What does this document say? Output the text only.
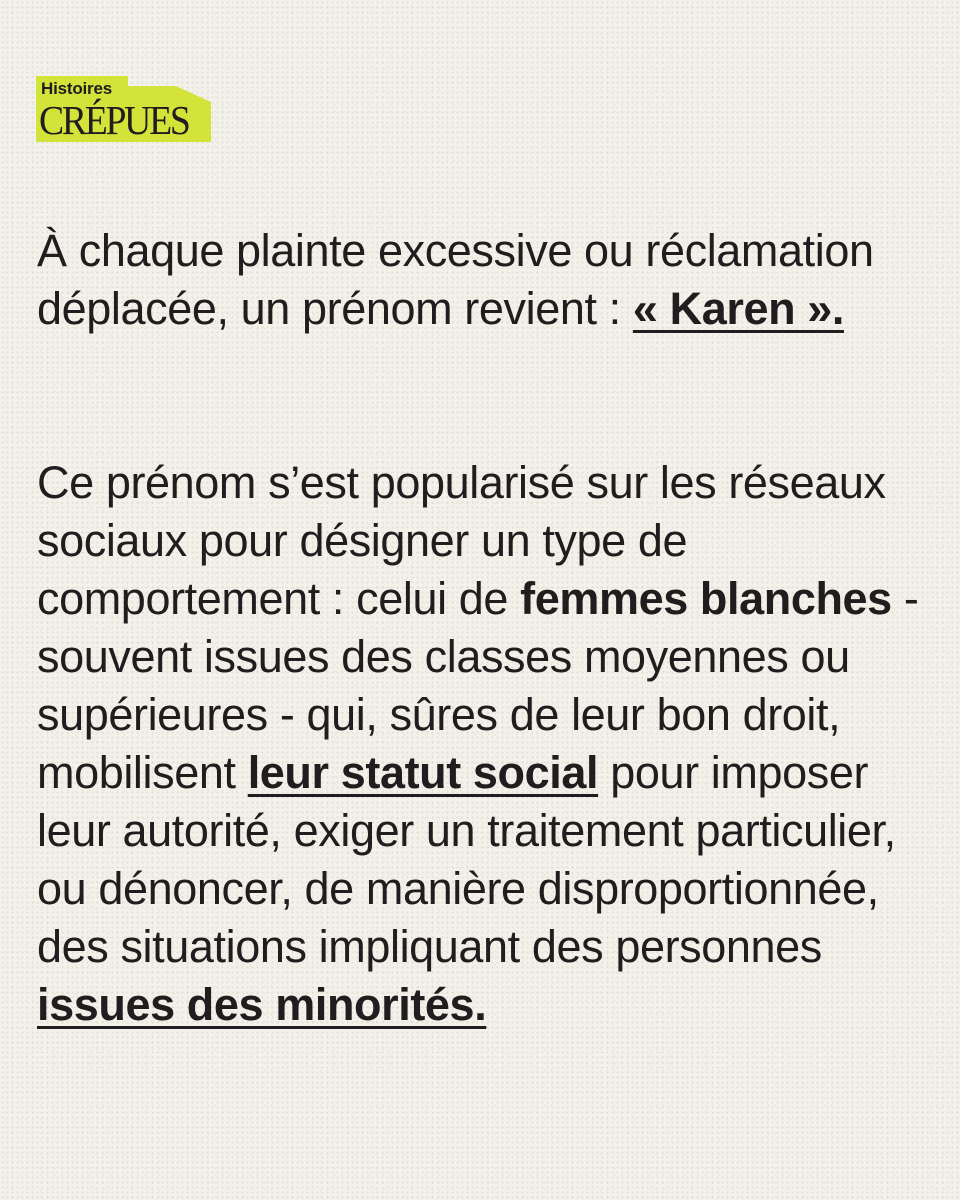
Histoires
CRÉPUES

À chaque plainte excessive ou réclamation déplacée, un prénom revient : « Karen ».

Ce prénom s’est popularisé sur les réseaux sociaux pour désigner un type de comportement : celui de femmes blanches - souvent issues des classes moyennes ou supérieures - qui, sûres de leur bon droit, mobilisent leur statut social pour imposer leur autorité, exiger un traitement particulier, ou dénoncer, de manière disproportionnée, des situations impliquant des personnes issues des minorités.
